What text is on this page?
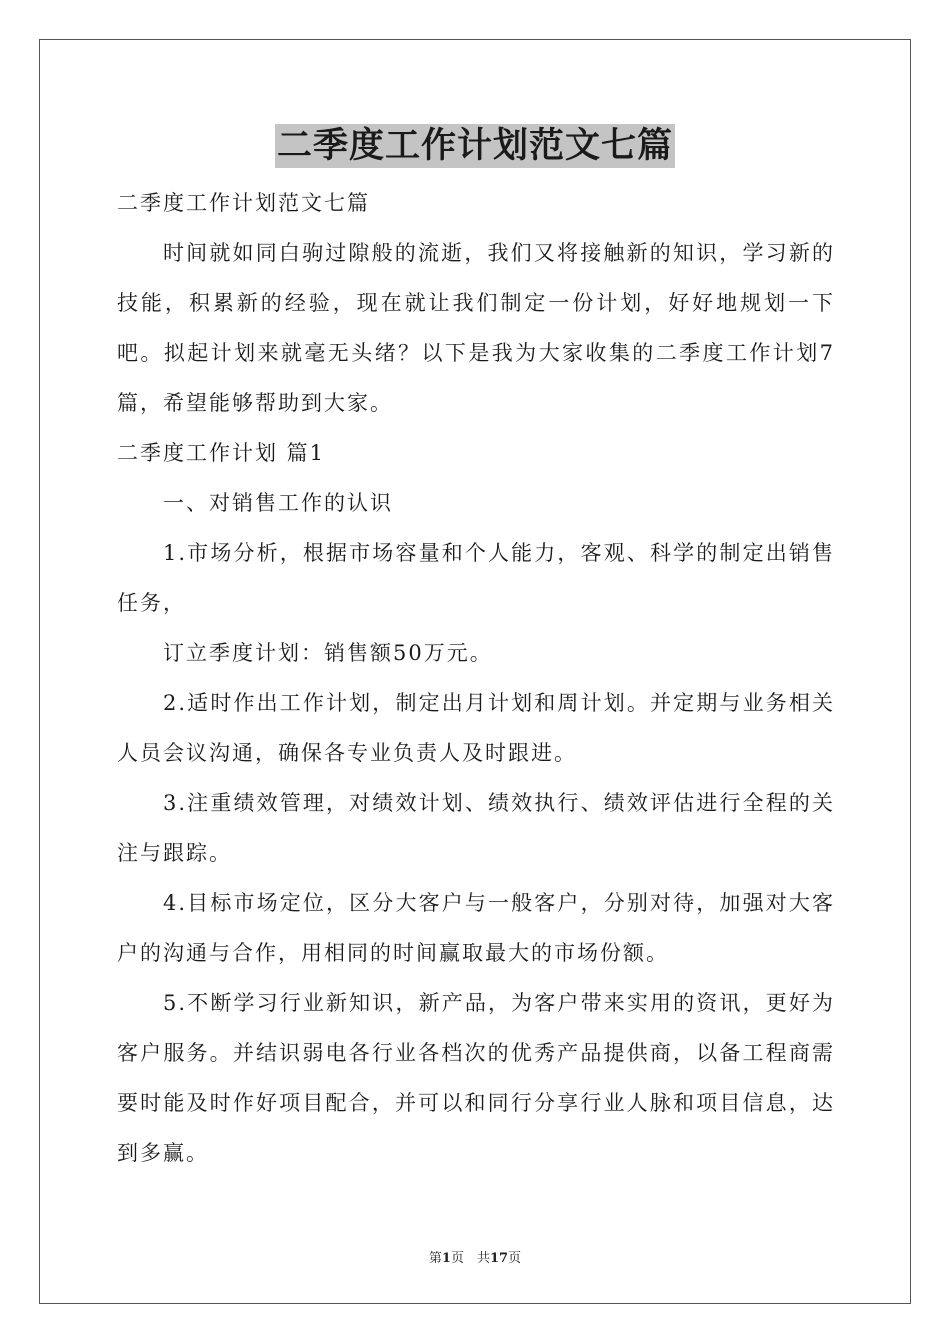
二季度工作计划范文七篇

二季度工作计划范文七篇

时间就如同白驹过隙般的流逝，我们又将接触新的知识，学习新的技能，积累新的经验，现在就让我们制定一份计划，好好地规划一下吧。拟起计划来就毫无头绪？以下是我为大家收集的二季度工作计划7篇，希望能够帮助到大家。

二季度工作计划 篇1

一、对销售工作的认识

1.市场分析，根据市场容量和个人能力，客观、科学的制定出销售任务，

订立季度计划：销售额50万元。

2.适时作出工作计划，制定出月计划和周计划。并定期与业务相关人员会议沟通，确保各专业负责人及时跟进。

3.注重绩效管理，对绩效计划、绩效执行、绩效评估进行全程的关注与跟踪。

4.目标市场定位，区分大客户与一般客户，分别对待，加强对大客户的沟通与合作，用相同的时间赢取最大的市场份额。

5.不断学习行业新知识，新产品，为客户带来实用的资讯，更好为客户服务。并结识弱电各行业各档次的优秀产品提供商，以备工程商需要时能及时作好项目配合，并可以和同行分享行业人脉和项目信息，达到多赢。

第1页　共17页
